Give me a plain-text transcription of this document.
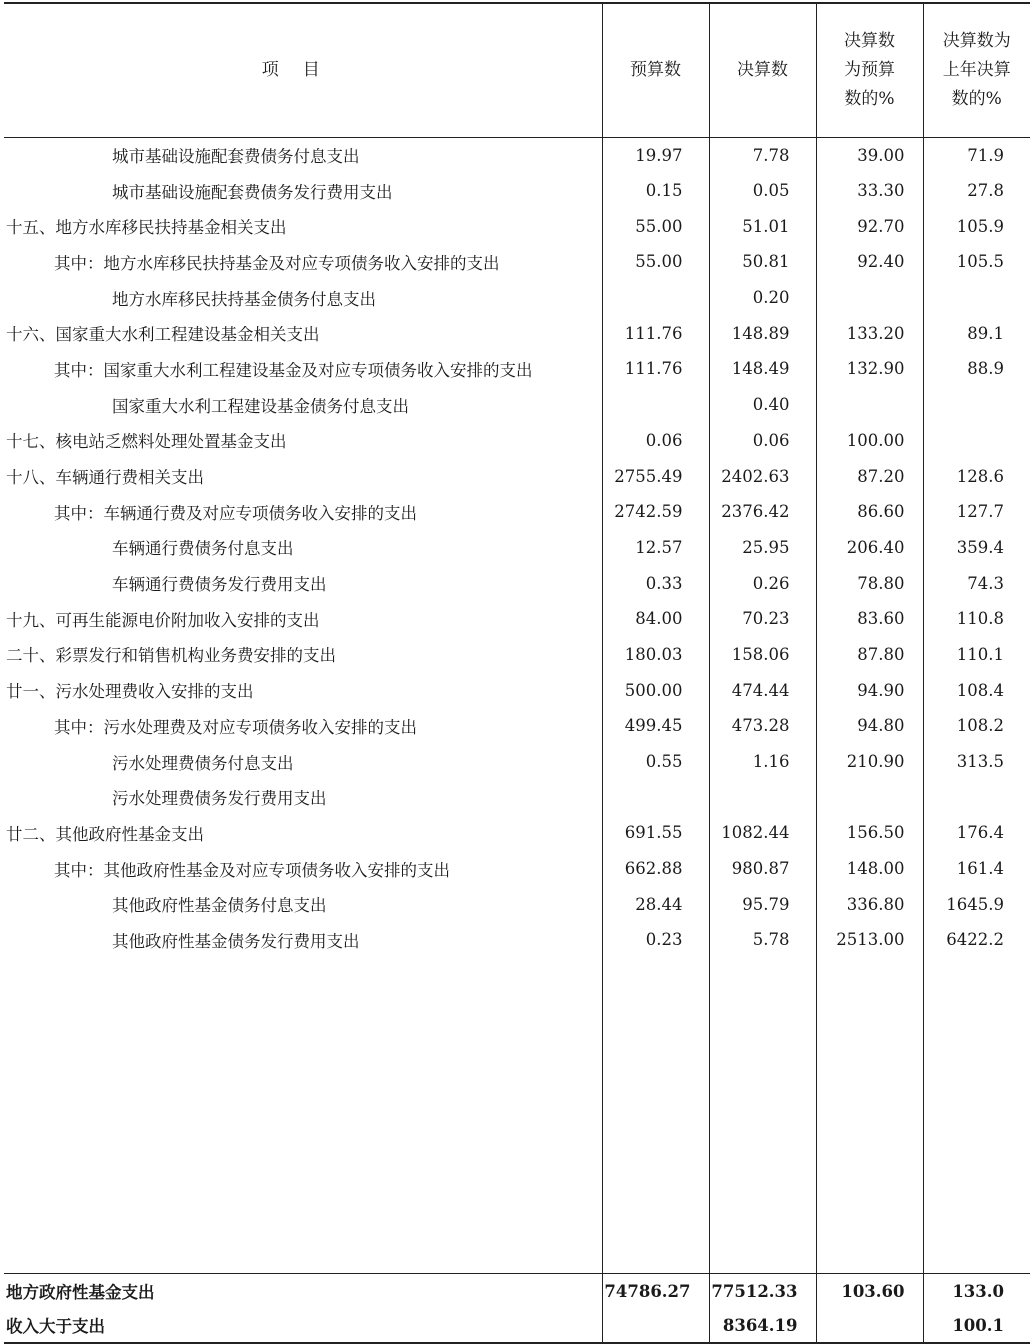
项目	预算数	决算数	决算数为预算数的%	决算数为上年决算数的%
城市基础设施配套费债务付息支出	19.97	7.78	39.00	71.9
城市基础设施配套费债务发行费用支出	0.15	0.05	33.30	27.8
十五、地方水库移民扶持基金相关支出	55.00	51.01	92.70	105.9
其中：地方水库移民扶持基金及对应专项债务收入安排的支出	55.00	50.81	92.40	105.5
地方水库移民扶持基金债务付息支出		0.20		
十六、国家重大水利工程建设基金相关支出	111.76	148.89	133.20	89.1
其中：国家重大水利工程建设基金及对应专项债务收入安排的支出	111.76	148.49	132.90	88.9
国家重大水利工程建设基金债务付息支出		0.40		
十七、核电站乏燃料处理处置基金支出	0.06	0.06	100.00	
十八、车辆通行费相关支出	2755.49	2402.63	87.20	128.6
其中：车辆通行费及对应专项债务收入安排的支出	2742.59	2376.42	86.60	127.7
车辆通行费债务付息支出	12.57	25.95	206.40	359.4
车辆通行费债务发行费用支出	0.33	0.26	78.80	74.3
十九、可再生能源电价附加收入安排的支出	84.00	70.23	83.60	110.8
二十、彩票发行和销售机构业务费安排的支出	180.03	158.06	87.80	110.1
廿一、污水处理费收入安排的支出	500.00	474.44	94.90	108.4
其中：污水处理费及对应专项债务收入安排的支出	499.45	473.28	94.80	108.2
污水处理费债务付息支出	0.55	1.16	210.90	313.5
污水处理费债务发行费用支出				
廿二、其他政府性基金支出	691.55	1082.44	156.50	176.4
其中：其他政府性基金及对应专项债务收入安排的支出	662.88	980.87	148.00	161.4
其他政府性基金债务付息支出	28.44	95.79	336.80	1645.9
其他政府性基金债务发行费用支出	0.23	5.78	2513.00	6422.2

地方政府性基金支出	74786.27	77512.33	103.60	133.0
收入大于支出		8364.19		100.1
